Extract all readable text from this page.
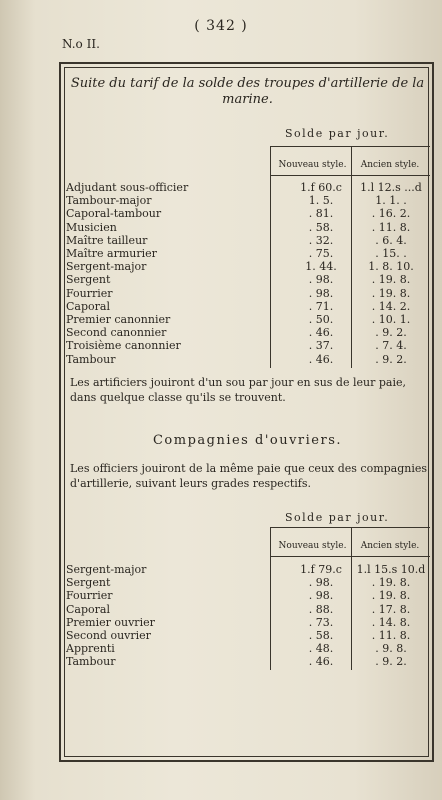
( 342 )
N.o II.
Suite du tarif de la solde des troupes d'artillerie de la marine.
Solde par jour.
Nouveau style.	Ancien style.
Adjudant sous-officier	1.f 60.c	1.l 12.s ...d
Tambour-major	1. 5.	1. 1. .
Caporal-tambour	. 81.	. 16. 2.
Musicien	. 58.	. 11. 8.
Maître tailleur	. 32.	. 6. 4.
Maître armurier	. 75.	. 15. .
Sergent-major	1. 44.	1. 8. 10.
Sergent	. 98.	. 19. 8.
Fourrier	. 98.	. 19. 8.
Caporal	. 71.	. 14. 2.
Premier canonnier	. 50.	. 10. 1.
Second canonnier	. 46.	. 9. 2.
Troisième canonnier	. 37.	. 7. 4.
Tambour	. 46.	. 9. 2.
Les artificiers jouiront d'un sou par jour en sus de leur paie, dans quelque classe qu'ils se trouvent.
Compagnies d'ouvriers.
Les officiers jouiront de la même paie que ceux des compagnies d'artillerie, suivant leurs grades respectifs.
Solde par jour.
Nouveau style.	Ancien style.
Sergent-major	1.f 79.c	1.l 15.s 10.d
Sergent	. 98.	. 19. 8.
Fourrier	. 98.	. 19. 8.
Caporal	. 88.	. 17. 8.
Premier ouvrier	. 73.	. 14. 8.
Second ouvrier	. 58.	. 11. 8.
Apprenti	. 48.	. 9. 8.
Tambour	. 46.	. 9. 2.
